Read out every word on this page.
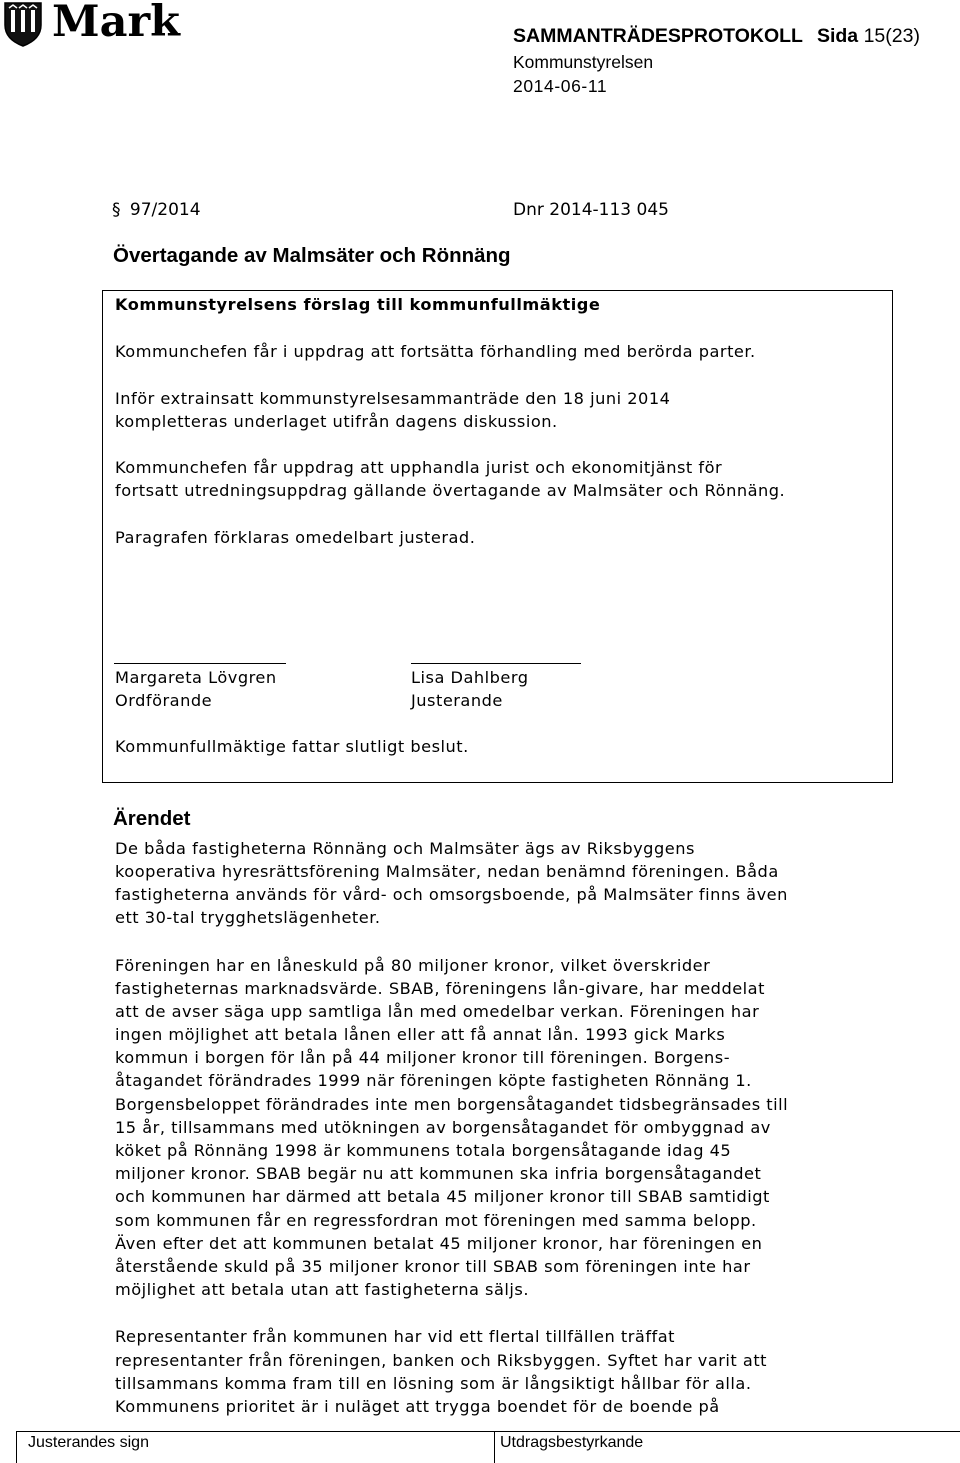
Mark	SAMMANTRÄDESPROTOKOLL Sida 15(23)
Kommunstyrelsen
2014-06-11
§ 97/2014	Dnr 2014-113 045
Övertagande av Malmsäter och Rönnäng
Kommunstyrelsens förslag till kommunfullmäktige
Kommunchefen får i uppdrag att fortsätta förhandling med berörda parter.
Inför extrainsatt kommunstyrelsesammanträde den 18 juni 2014
kompletteras underlaget utifrån dagens diskussion.
Kommunchefen får uppdrag att upphandla jurist och ekonomitjänst för
fortsatt utredningsuppdrag gällande övertagande av Malmsäter och Rönnäng.
Paragrafen förklaras omedelbart justerad.
Margareta Lövgren
Ordförande
Lisa Dahlberg
Justerande
Kommunfullmäktige fattar slutligt beslut.
Ärendet
De båda fastigheterna Rönnäng och Malmsäter ägs av Riksbyggens
kooperativa hyresrättsförening Malmsäter, nedan benämnd föreningen. Båda
fastigheterna används för vård- och omsorgsboende, på Malmsäter finns även
ett 30-tal trygghetslägenheter.
Föreningen har en låneskuld på 80 miljoner kronor, vilket överskrider
fastigheternas marknadsvärde. SBAB, föreningens lån-givare, har meddelat
att de avser säga upp samtliga lån med omedelbar verkan. Föreningen har
ingen möjlighet att betala lånen eller att få annat lån. 1993 gick Marks
kommun i borgen för lån på 44 miljoner kronor till föreningen. Borgens-
åtagandet förändrades 1999 när föreningen köpte fastigheten Rönnäng 1.
Borgensbeloppet förändrades inte men borgensåtagandet tidsbegränsades till
15 år, tillsammans med utökningen av borgensåtagandet för ombyggnad av
köket på Rönnäng 1998 är kommunens totala borgensåtagande idag 45
miljoner kronor. SBAB begär nu att kommunen ska infria borgensåtagandet
och kommunen har därmed att betala 45 miljoner kronor till SBAB samtidigt
som kommunen får en regressfordran mot föreningen med samma belopp.
Även efter det att kommunen betalat 45 miljoner kronor, har föreningen en
återstående skuld på 35 miljoner kronor till SBAB som föreningen inte har
möjlighet att betala utan att fastigheterna säljs.
Representanter från kommunen har vid ett flertal tillfällen träffat
representanter från föreningen, banken och Riksbyggen. Syftet har varit att
tillsammans komma fram till en lösning som är långsiktigt hållbar för alla.
Kommunens prioritet är i nuläget att trygga boendet för de boende på
Justerandes sign	Utdragsbestyrkande
